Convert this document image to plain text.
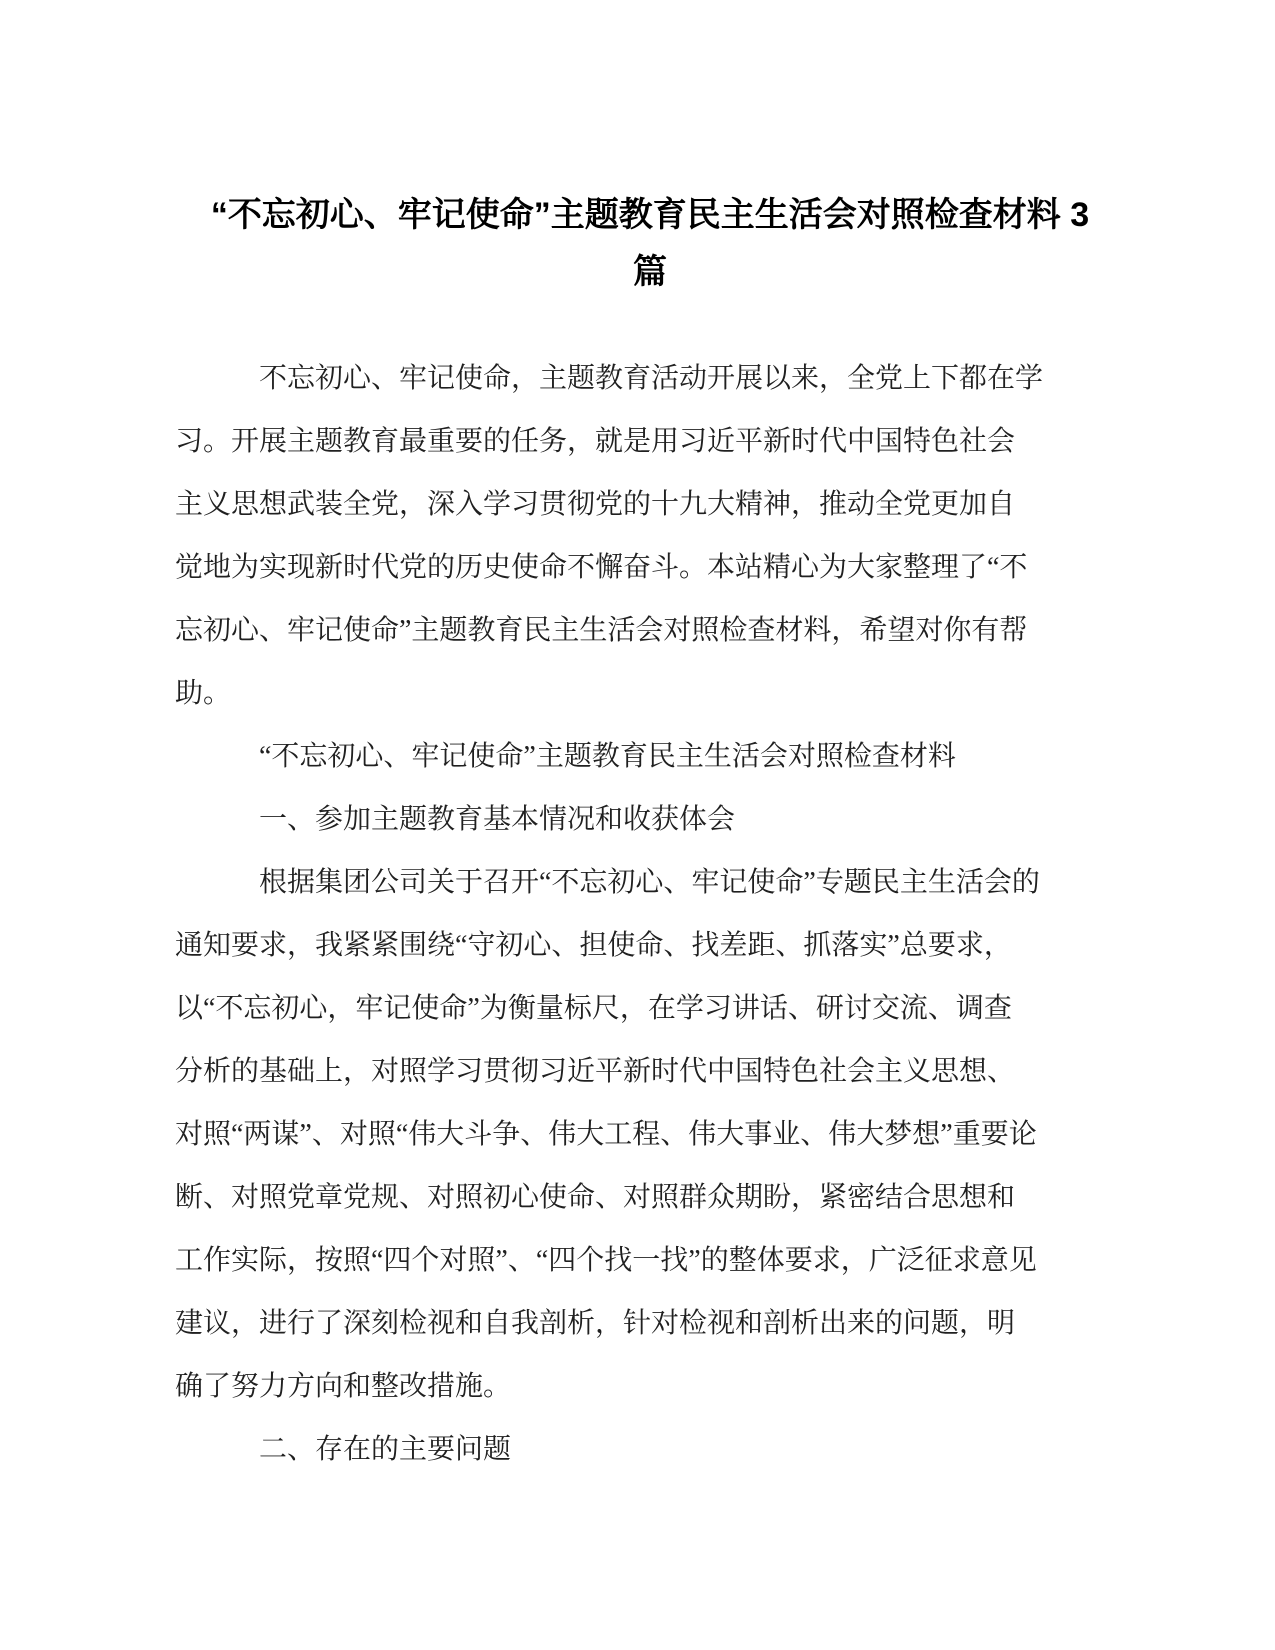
“不忘初心、牢记使命”主题教育民主生活会对照检查材料 3
篇
不忘初心、牢记使命，主题教育活动开展以来，全党上下都在学
习。开展主题教育最重要的任务，就是用习近平新时代中国特色社会
主义思想武装全党，深入学习贯彻党的十九大精神，推动全党更加自
觉地为实现新时代党的历史使命不懈奋斗。本站精心为大家整理了“不
忘初心、牢记使命”主题教育民主生活会对照检查材料，希望对你有帮
助。
“不忘初心、牢记使命”主题教育民主生活会对照检查材料
一、参加主题教育基本情况和收获体会
根据集团公司关于召开“不忘初心、牢记使命”专题民主生活会的
通知要求，我紧紧围绕“守初心、担使命、找差距、抓落实”总要求，
以“不忘初心，牢记使命”为衡量标尺，在学习讲话、研讨交流、调查
分析的基础上，对照学习贯彻习近平新时代中国特色社会主义思想、
对照“两谋”、对照“伟大斗争、伟大工程、伟大事业、伟大梦想”重要论
断、对照党章党规、对照初心使命、对照群众期盼，紧密结合思想和
工作实际，按照“四个对照”、“四个找一找”的整体要求，广泛征求意见
建议，进行了深刻检视和自我剖析，针对检视和剖析出来的问题，明
确了努力方向和整改措施。
二、存在的主要问题
